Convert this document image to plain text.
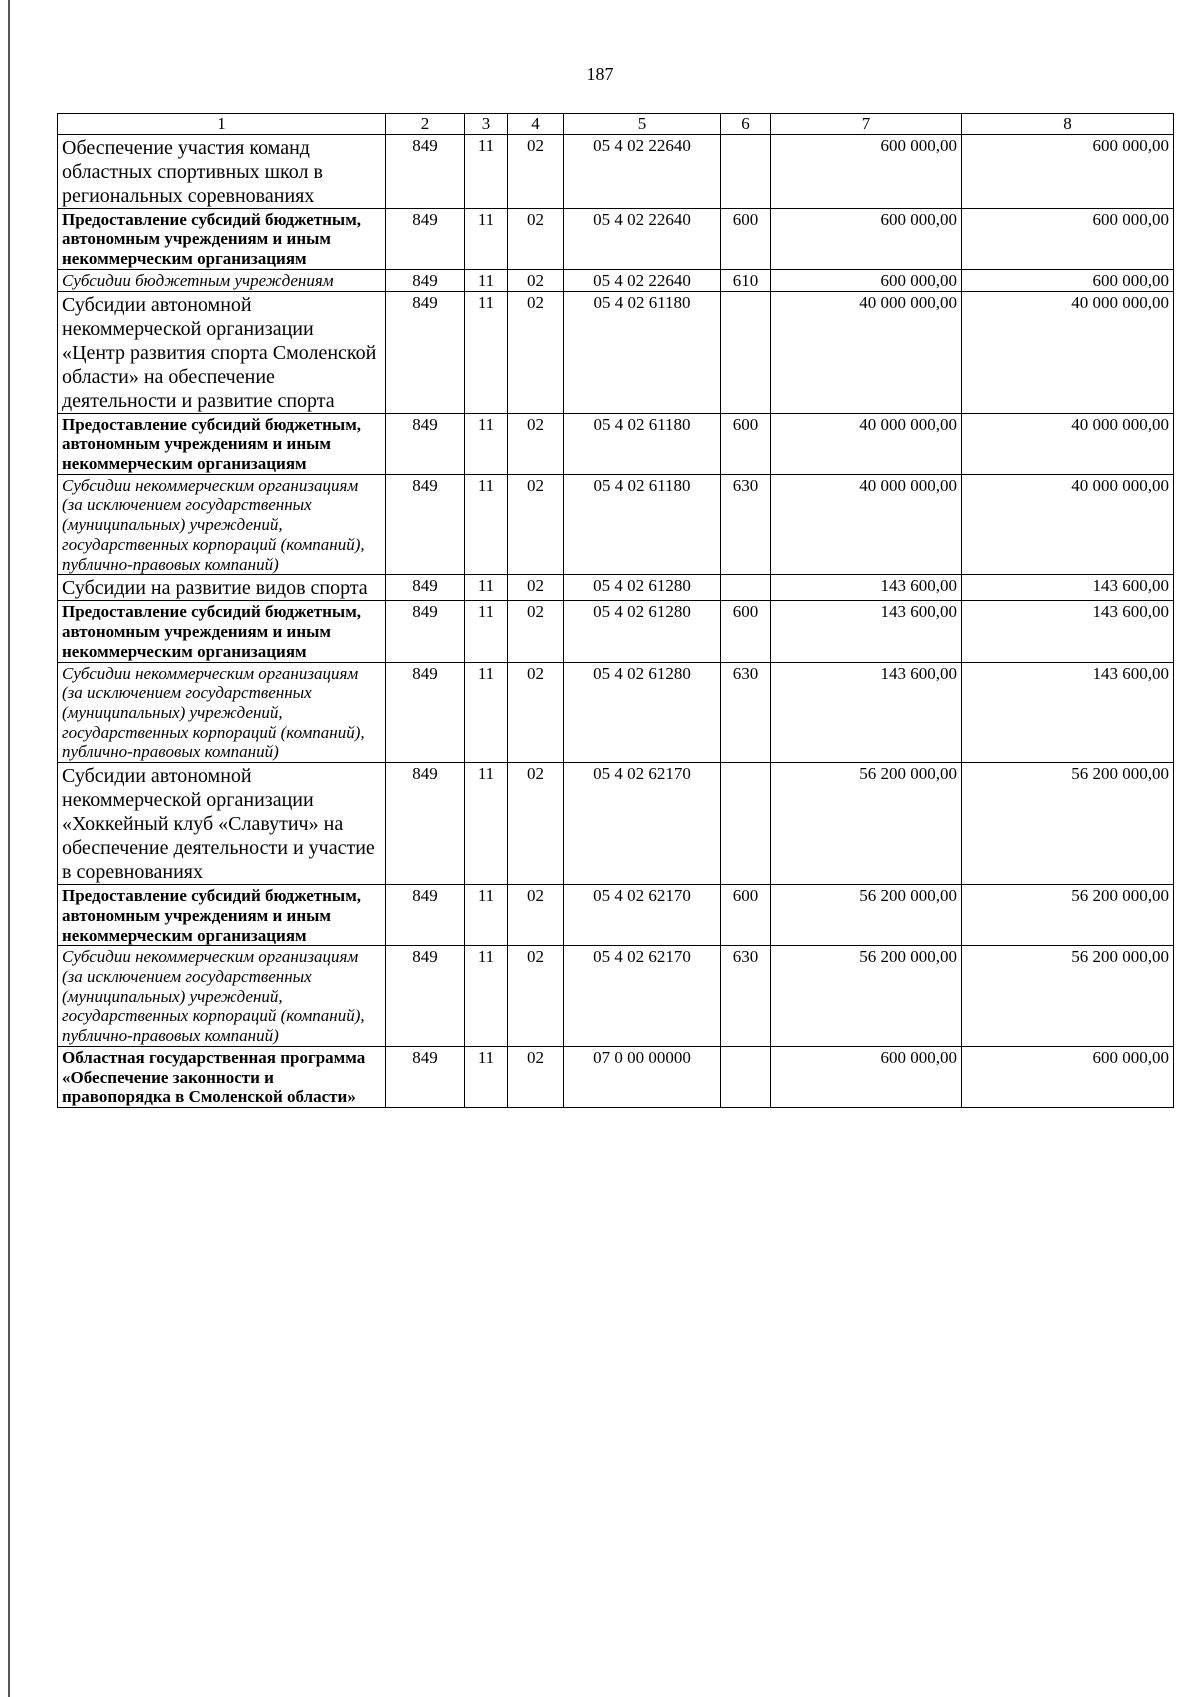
187
1	2	3	4	5	6	7	8
Обеспечение участия команд областных спортивных школ в региональных соревнованиях	849	11	02	05 4 02 22640		600 000,00	600 000,00
Предоставление субсидий бюджетным, автономным учреждениям и иным некоммерческим организациям	849	11	02	05 4 02 22640	600	600 000,00	600 000,00
Субсидии бюджетным учреждениям	849	11	02	05 4 02 22640	610	600 000,00	600 000,00
Субсидии автономной некоммерческой организации «Центр развития спорта Смоленской области» на обеспечение деятельности и развитие спорта	849	11	02	05 4 02 61180		40 000 000,00	40 000 000,00
Предоставление субсидий бюджетным, автономным учреждениям и иным некоммерческим организациям	849	11	02	05 4 02 61180	600	40 000 000,00	40 000 000,00
Субсидии некоммерческим организациям (за исключением государственных (муниципальных) учреждений, государственных корпораций (компаний), публично-правовых компаний)	849	11	02	05 4 02 61180	630	40 000 000,00	40 000 000,00
Субсидии на развитие видов спорта	849	11	02	05 4 02 61280		143 600,00	143 600,00
Предоставление субсидий бюджетным, автономным учреждениям и иным некоммерческим организациям	849	11	02	05 4 02 61280	600	143 600,00	143 600,00
Субсидии некоммерческим организациям (за исключением государственных (муниципальных) учреждений, государственных корпораций (компаний), публично-правовых компаний)	849	11	02	05 4 02 61280	630	143 600,00	143 600,00
Субсидии автономной некоммерческой организации «Хоккейный клуб «Славутич» на обеспечение деятельности и участие в соревнованиях	849	11	02	05 4 02 62170		56 200 000,00	56 200 000,00
Предоставление субсидий бюджетным, автономным учреждениям и иным некоммерческим организациям	849	11	02	05 4 02 62170	600	56 200 000,00	56 200 000,00
Субсидии некоммерческим организациям (за исключением государственных (муниципальных) учреждений, государственных корпораций (компаний), публично-правовых компаний)	849	11	02	05 4 02 62170	630	56 200 000,00	56 200 000,00
Областная государственная программа «Обеспечение законности и правопорядка в Смоленской области»	849	11	02	07 0 00 00000		600 000,00	600 000,00
